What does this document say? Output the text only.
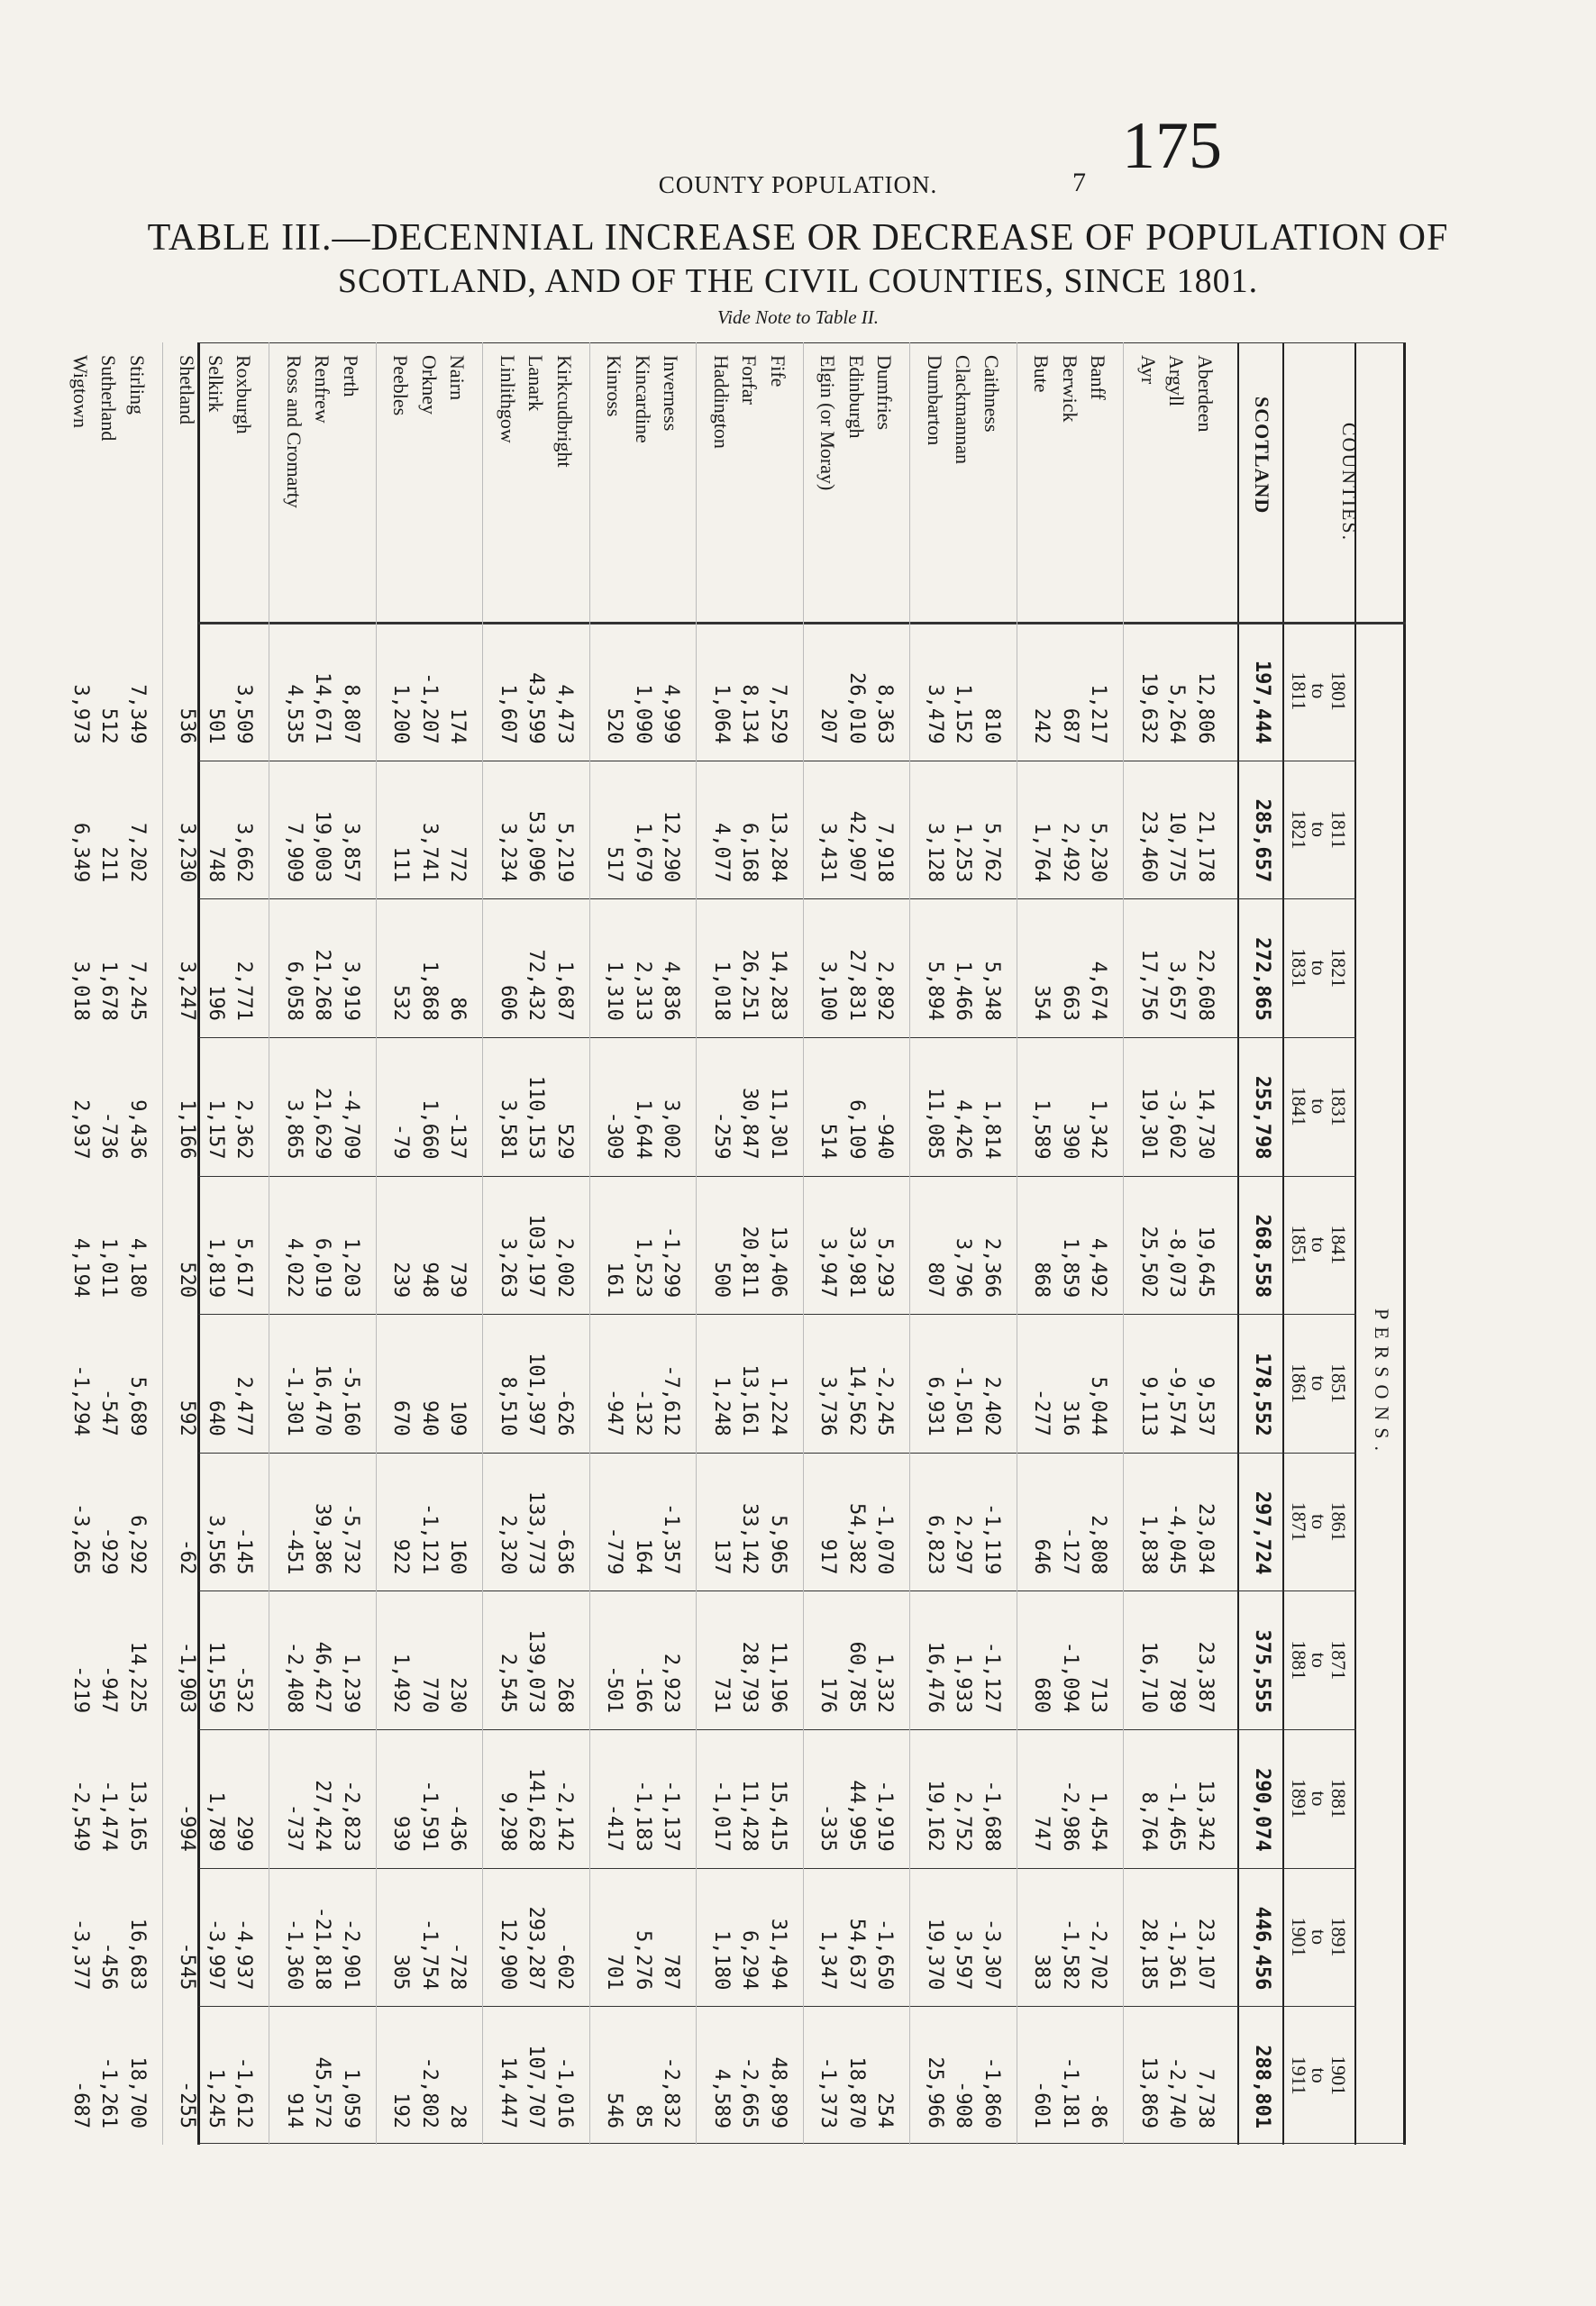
COUNTY POPULATION.
175
7
TABLE III.—DECENNIAL INCREASE OR DECREASE OF POPULATION OF
SCOTLAND, AND OF THE CIVIL COUNTIES, SINCE 1801.
Vide Note to Table II.
COUNTIES.
PERSONS.
1801
to
1811
1811
to
1821
1821
to
1831
1831
to
1841
1841
to
1851
1851
to
1861
1861
to
1871
1871
to
1881
1881
to
1891
1891
to
1901
1901
to
1911
SCOTLAND
197,444
285,657
272,865
255,798
268,558
178,552
297,724
375,555
290,074
446,456
288,801
Aberdeen
12,806
21,178
22,608
14,730
19,645
9,537
23,034
23,387
13,342
23,107
7,738
Argyll
5,264
10,775
3,657
-3,602
-8,073
-9,574
-4,045
789
-1,465
-1,361
-2,740
Ayr
19,632
23,460
17,756
19,301
25,502
9,113
1,838
16,710
8,764
28,185
13,869
Banff
1,217
5,230
4,674
1,342
4,492
5,044
2,808
713
1,454
-2,702
-86
Berwick
687
2,492
663
390
1,859
316
-127
-1,094
-2,986
-1,582
-1,181
Bute
242
1,764
354
1,589
868
-277
646
680
747
383
-601
Caithness
810
5,762
5,348
1,814
2,366
2,402
-1,119
-1,127
-1,688
-3,307
-1,860
Clackmannan
1,152
1,253
1,466
4,426
3,796
-1,501
2,297
1,933
2,752
3,597
-908
Dumbarton
3,479
3,128
5,894
11,085
807
6,931
6,823
16,476
19,162
19,370
25,966
Dumfries
8,363
7,918
2,892
-940
5,293
-2,245
-1,070
1,332
-1,919
-1,650
254
Edinburgh
26,010
42,907
27,831
6,109
33,981
14,562
54,382
60,785
44,995
54,637
18,870
Elgin (or Moray)
207
3,431
3,100
514
3,947
3,736
917
176
-335
1,347
-1,373
Fife
7,529
13,284
14,283
11,301
13,406
1,224
5,965
11,196
15,415
31,494
48,899
Forfar
8,134
6,168
26,251
30,847
20,811
13,161
33,142
28,793
11,428
6,294
-2,665
Haddington
1,064
4,077
1,018
-259
500
1,248
137
731
-1,017
1,180
4,589
Inverness
4,999
12,290
4,836
3,002
-1,299
-7,612
-1,357
2,923
-1,137
787
-2,832
Kincardine
1,090
1,679
2,313
1,644
1,523
-132
164
-166
-1,183
5,276
85
Kinross
520
517
1,310
-309
161
-947
-779
-501
-417
701
546
Kirkcudbright
4,473
5,219
1,687
529
2,002
-626
-636
268
-2,142
-602
-1,016
Lanark
43,599
53,096
72,432
110,153
103,197
101,397
133,773
139,073
141,628
293,287
107,707
Linlithgow
1,607
3,234
606
3,581
3,263
8,510
2,320
2,545
9,298
12,900
14,447
Nairn
174
772
86
-137
739
109
160
230
-436
-728
28
Orkney
-1,207
3,741
1,868
1,660
948
940
-1,121
770
-1,591
-1,754
-2,802
Peebles
1,200
111
532
-79
239
670
922
1,492
939
305
192
Perth
8,807
3,857
3,919
-4,709
1,203
-5,160
-5,732
1,239
-2,823
-2,901
1,059
Renfrew
14,671
19,003
21,268
21,629
6,019
16,470
39,386
46,427
27,424
-21,818
45,572
Ross and Cromarty
4,535
7,909
6,058
3,865
4,022
-1,301
-451
-2,408
-737
-1,360
914
Roxburgh
3,509
3,662
2,771
2,362
5,617
2,477
-145
-532
299
-4,937
-1,612
Selkirk
501
748
196
1,157
1,819
640
3,556
11,559
1,789
-3,997
1,245
Shetland
536
3,230
3,247
1,166
520
592
-62
-1,903
-994
-545
-255
Stirling
7,349
7,202
7,245
9,436
4,180
5,689
6,292
14,225
13,165
16,683
18,700
Sutherland
512
211
1,678
-736
1,011
-547
-929
-947
-1,474
-456
-1,261
Wigtown
3,973
6,349
3,018
2,937
4,194
-1,294
-3,265
-219
-2,549
-3,377
-687
